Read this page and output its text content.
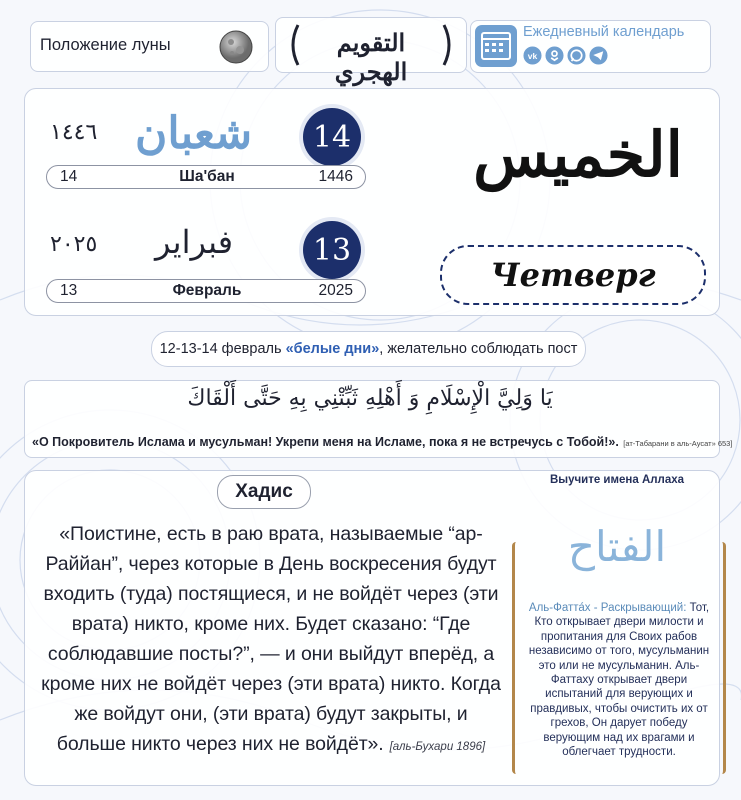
Положение луны	التقويم الهجري
Ежедневный календарь
vk
١٤٤٦ شعبان	14
14	Ша'бан	1446
٢٠٢٥ فبراير	13
13	Февраль	2025
الخميس
Четверг
12-13-14 февраль «белые дни» , желательно соблюдать пост
يَا وَلِيَّ الْإِسْلَامِ وَ أَهْلِهِ ثَبِّتْنِي بِهِ حَتَّى أَلْقَاكَ
«О Покровитель Ислама и мусульман! Укрепи меня на Исламе, пока я не встречусь с Тобой!». [ат-Табарани в аль-Аусат» 653]
Хадис
«Поистине, есть в раю врата, называемые “ар-Раййан”, через которые в День воскресения будут входить (туда) постящиеся, и не войдёт через (эти врата) никто, кроме них. Будет сказано: “Где соблюдавшие посты?”, — и они выйдут вперёд, а кроме них не войдёт через (эти врата) никто. Когда же войдут они, (эти врата) будут закрыты, и больше никто через них не войдёт». [аль-Бухари 1896]
Выучите имена Аллаха
الفتاح
Аль-Фатта́х - Раскрывающий: Тот, Кто открывает двери милости и пропитания для Своих рабов независимо от того, мусульманин это или не мусульманин. Аль-Фаттаху открывает двери испытаний для верующих и правдивых, чтобы очистить их от грехов, Он дарует победу верующим над их врагами и облегчает трудности.
